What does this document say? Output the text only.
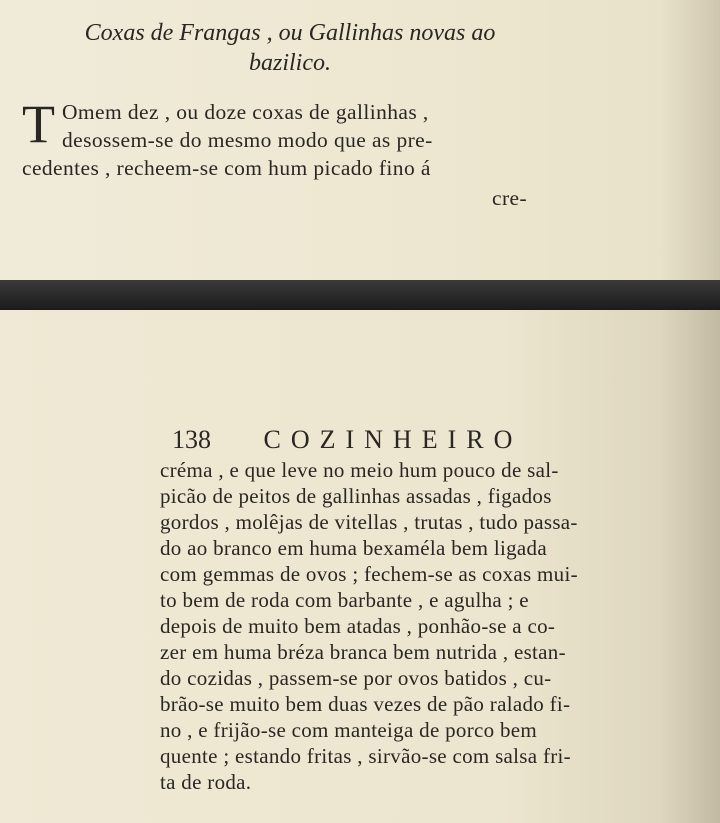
Coxas de Frangas , ou Gallinhas novas ao
bazilico.
T Omem dez , ou doze coxas de gallinhas ,
desossem-se do mesmo modo que as pre-
cedentes , recheem-se com hum picado fino á
cre-
138 COZINHEIRO
créma , e que leve no meio hum pouco de sal-
picão de peitos de gallinhas assadas , figados
gordos , molêjas de vitellas , trutas , tudo passa-
do ao branco em huma bexaméla bem ligada
com gemmas de ovos ; fechem-se as coxas mui-
to bem de roda com barbante , e agulha ; e
depois de muito bem atadas , ponhão-se a co-
zer em huma bréza branca bem nutrida , estan-
do cozidas , passem-se por ovos batidos , cu-
brão-se muito bem duas vezes de pão ralado fi-
no , e frijão-se com manteiga de porco bem
quente ; estando fritas , sirvão-se com salsa fri-
ta de roda.
